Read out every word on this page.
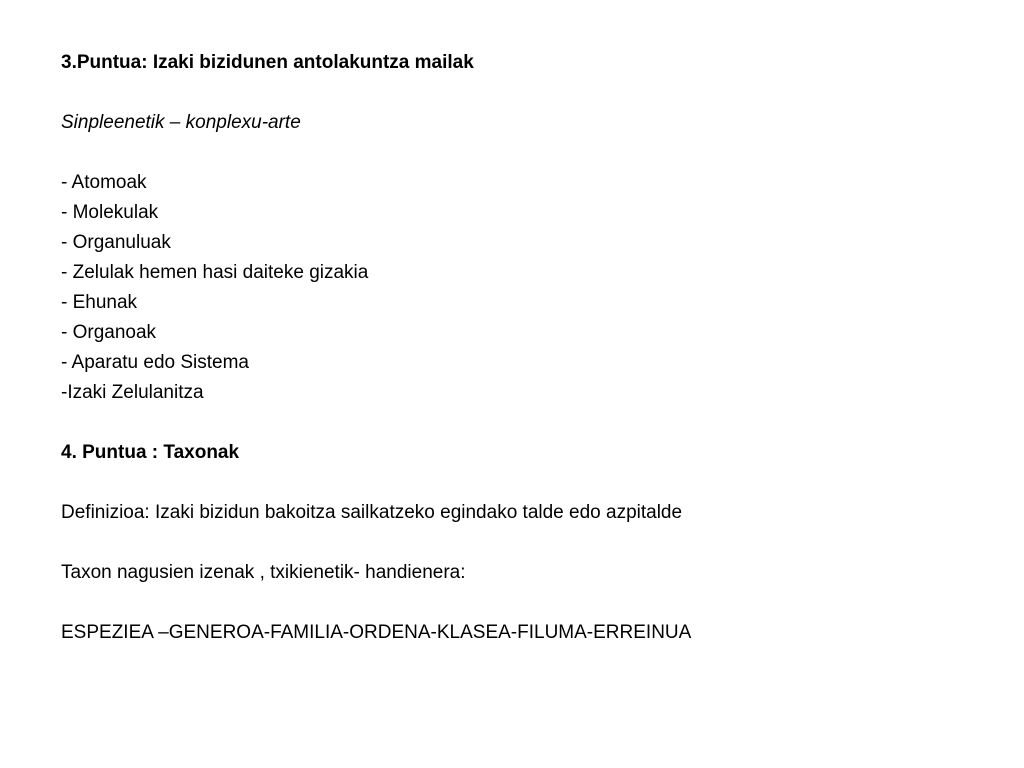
3.Puntua: Izaki bizidunen antolakuntza mailak
Sinpleenetik – konplexu-arte
- Atomoak
- Molekulak
- Organuluak
- Zelulak hemen hasi daiteke gizakia
- Ehunak
- Organoak
- Aparatu edo Sistema
-Izaki Zelulanitza
4. Puntua : Taxonak
Definizioa: Izaki bizidun bakoitza sailkatzeko egindako talde edo azpitalde
Taxon nagusien izenak , txikienetik- handienera:
ESPEZIEA –GENEROA-FAMILIA-ORDENA-KLASEA-FILUMA-ERREINUA
